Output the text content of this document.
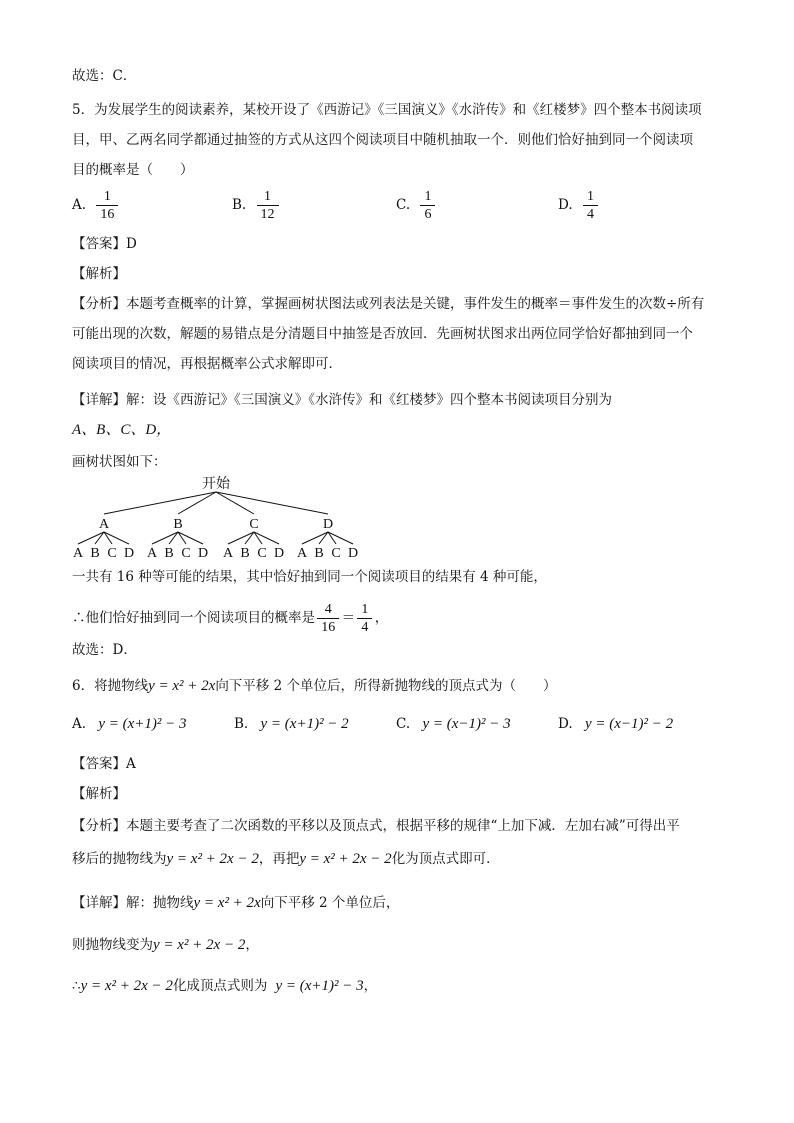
故选：C．
5．为发展学生的阅读素养，某校开设了《西游记》《三国演义》《水浒传》和《红楼梦》四个整本书阅读项
目，甲、乙两名同学都通过抽签的方式从这四个阅读项目中随机抽取一个．则他们恰好抽到同一个阅读项
目的概率是（　　）
A. $\frac{1}{16}$	B. $\frac{1}{12}$	C. $\frac{1}{6}$	D. $\frac{1}{4}$
【答案】D
【解析】
【分析】本题考查概率的计算，掌握画树状图法或列表法是关键，事件发生的概率＝事件发生的次数÷所有
可能出现的次数，解题的易错点是分清题目中抽签是否放回．先画树状图求出两位同学恰好都抽到同一个
阅读项目的情况，再根据概率公式求解即可．
【详解】解：设《西游记》《三国演义》《水浒传》和《红楼梦》四个整本书阅读项目分别为
A、B、C、D，
画树状图如下：
开始
A	B	C	D
A B C D A B C D A B C D A B C D
一共有 16 种等可能的结果，其中恰好抽到同一个阅读项目的结果有 4 种可能，
∴他们恰好抽到同一个阅读项目的概率是 $\frac{4}{16} = \frac{1}{4}$ ，
故选：D．
6．将抛物线y = x² + 2x向下平移 2 个单位后，所得新抛物线的顶点式为（　　）
A. y = (x+1)² − 3	B. y = (x+1)² − 2	C. y = (x−1)² − 3	D. y = (x−1)² − 2
【答案】A
【解析】
【分析】本题主要考查了二次函数的平移以及顶点式，根据平移的规律“上加下减．左加右减”可得出平
移后的抛物线为y = x² + 2x − 2，再把y = x² + 2x − 2化为顶点式即可．
【详解】解：抛物线y = x² + 2x向下平移 2 个单位后，
则抛物线变为y = x² + 2x − 2，
∴y = x² + 2x − 2化成顶点式则为 y = (x+1)² − 3，
